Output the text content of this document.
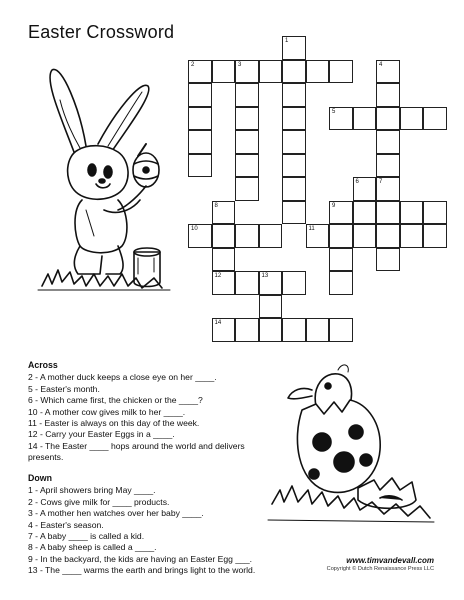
Easter Crossword	1
2	3	4
5
6	7
8	9
10	11
12	13
14
Across
2 - A mother duck keeps a close eye on her ____.
5 - Easter's month.
6 - Which came first, the chicken or the ____?
10 - A mother cow gives milk to her ____.
11 - Easter is always on this day of the week.
12 - Carry your Easter Eggs in a ____.
14 - The Easter ____ hops around the world and delivers presents.
Down
1 - April showers bring May ____.
2 - Cows give milk for ____ products.
3 - A mother hen watches over her baby ____.
4 - Easter's season.
7 - A baby ____ is called a kid.
8 - A baby sheep is called a ____.
9 - In the backyard, the kids are having an Easter Egg ___.
13 - The ____ warms the earth and brings light to the world.
www.timvandevall.com
Copyright © Dutch Renaissance Press LLC
